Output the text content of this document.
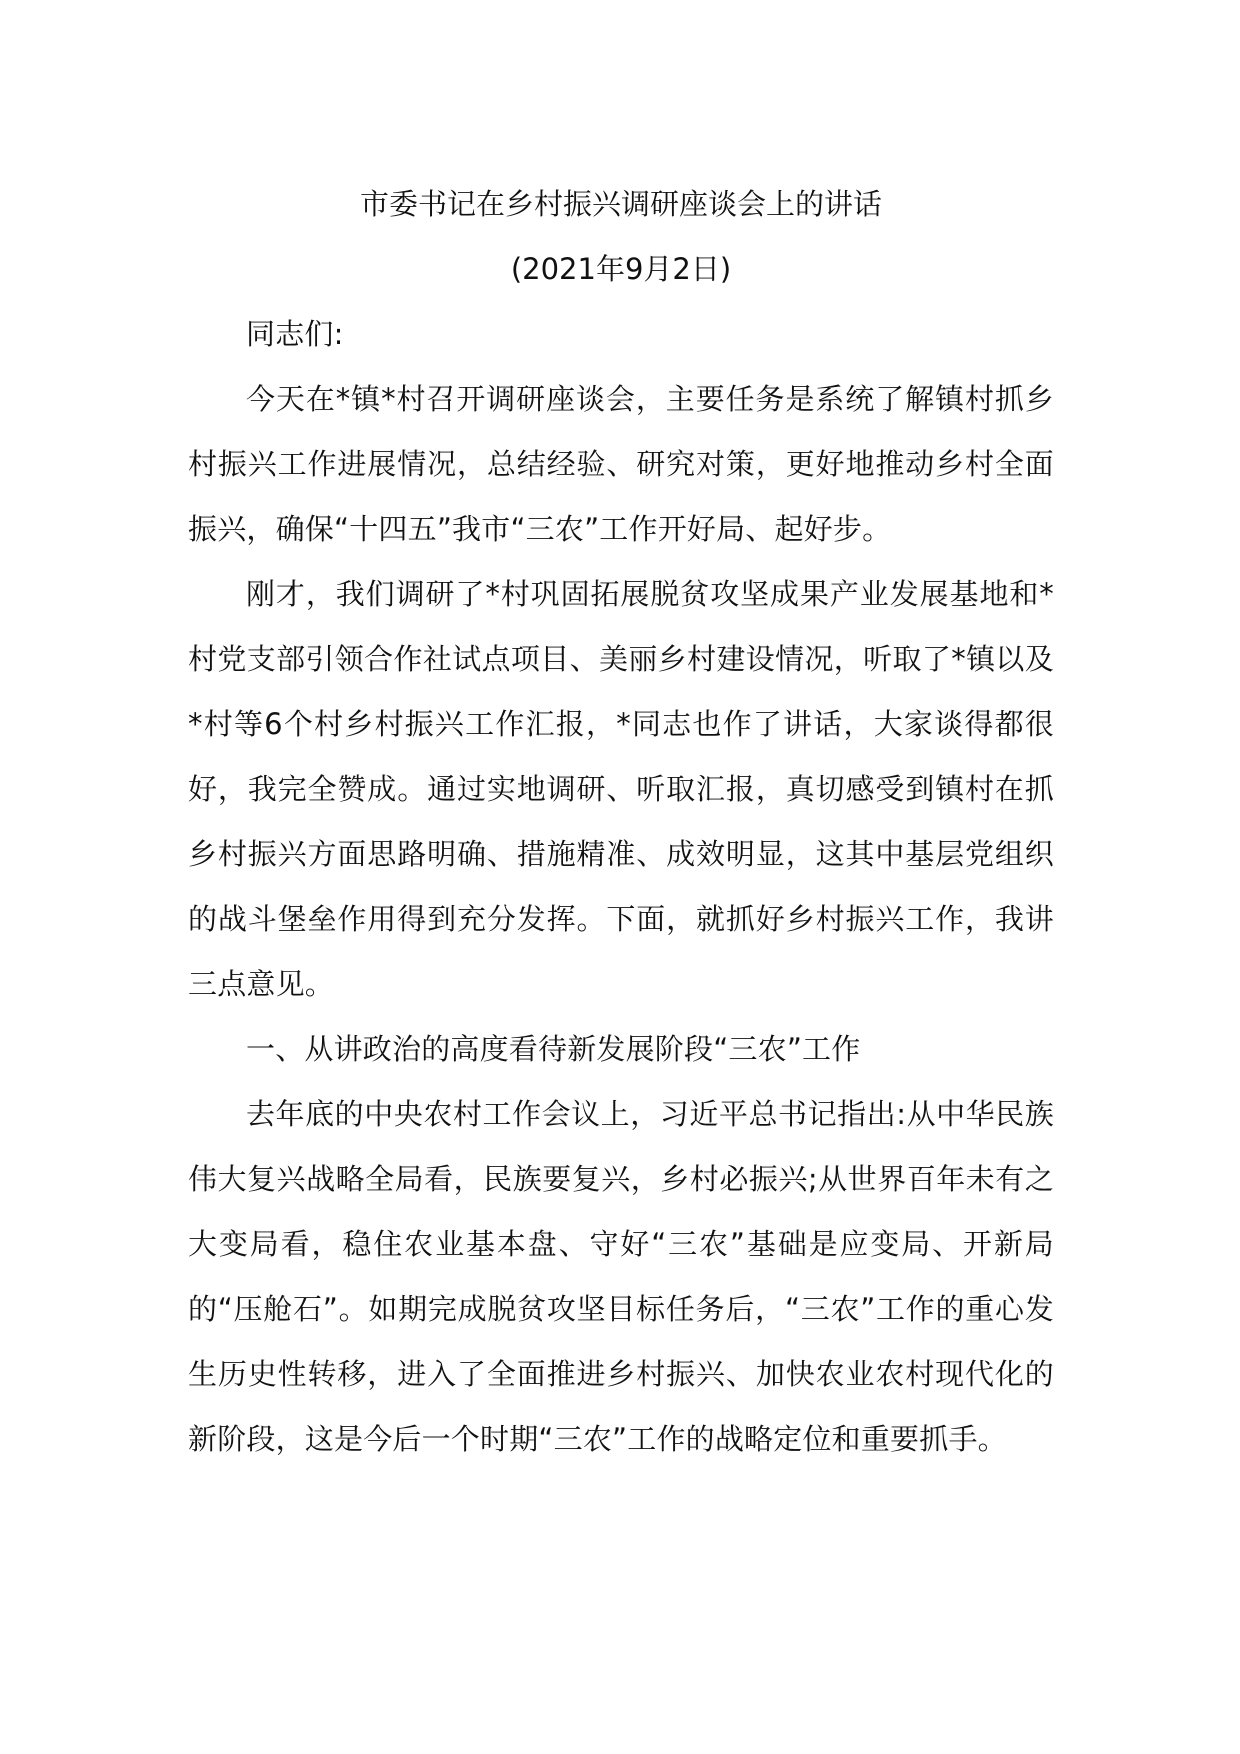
市委书记在乡村振兴调研座谈会上的讲话

(2021年9月2日)

同志们:

今天在*镇*村召开调研座谈会，主要任务是系统了解镇村抓乡村振兴工作进展情况，总结经验、研究对策，更好地推动乡村全面振兴，确保“十四五”我市“三农”工作开好局、起好步。

刚才，我们调研了*村巩固拓展脱贫攻坚成果产业发展基地和*村党支部引领合作社试点项目、美丽乡村建设情况，听取了*镇以及*村等6个村乡村振兴工作汇报，*同志也作了讲话，大家谈得都很好，我完全赞成。通过实地调研、听取汇报，真切感受到镇村在抓乡村振兴方面思路明确、措施精准、成效明显，这其中基层党组织的战斗堡垒作用得到充分发挥。下面，就抓好乡村振兴工作，我讲三点意见。

一、从讲政治的高度看待新发展阶段“三农”工作

去年底的中央农村工作会议上，习近平总书记指出:从中华民族伟大复兴战略全局看，民族要复兴，乡村必振兴;从世界百年未有之大变局看，稳住农业基本盘、守好“三农”基础是应变局、开新局的“压舱石”。如期完成脱贫攻坚目标任务后，“三农”工作的重心发生历史性转移，进入了全面推进乡村振兴、加快农业农村现代化的新阶段，这是今后一个时期“三农”工作的战略定位和重要抓手。
